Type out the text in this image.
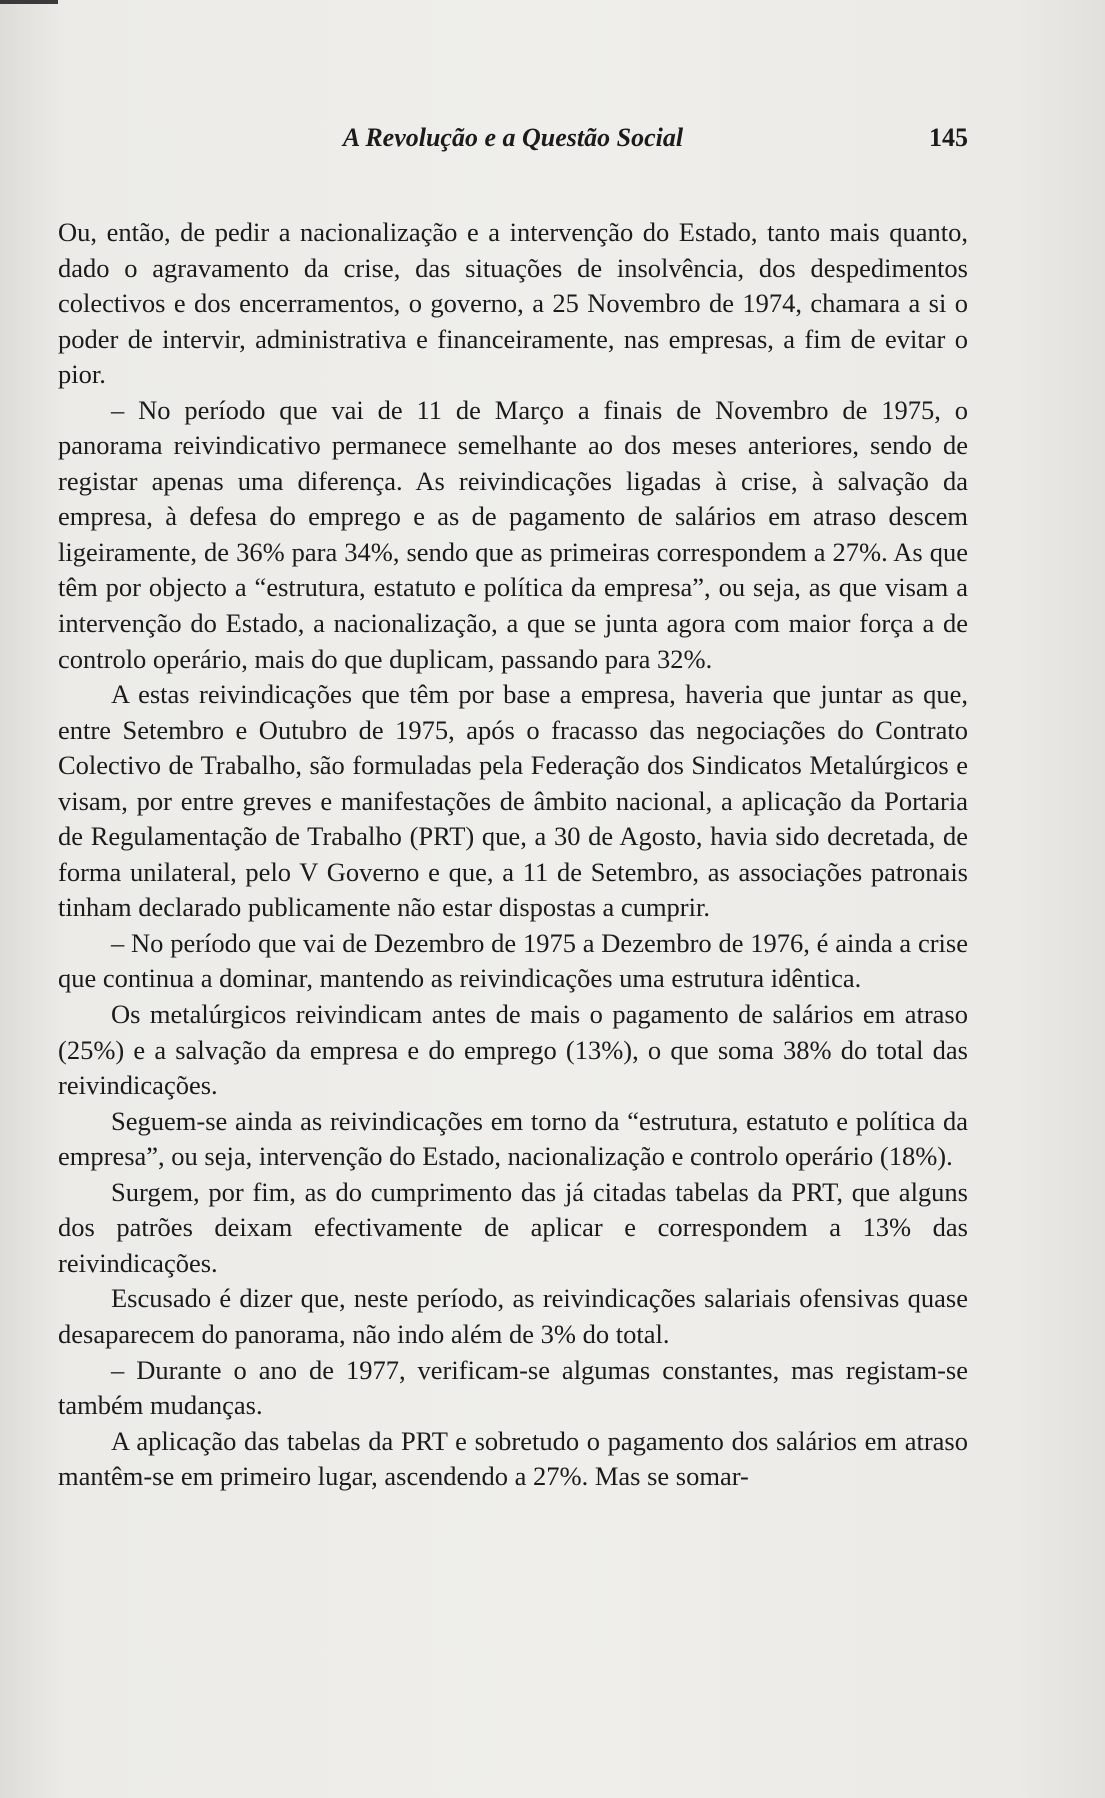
A Revolução e a Questão Social	145

Ou, então, de pedir a nacionalização e a intervenção do Estado, tanto mais quanto, dado o agravamento da crise, das situações de insolvência, dos despedimentos colectivos e dos encerramentos, o governo, a 25 Novembro de 1974, chamara a si o poder de intervir, administrativa e financeiramente, nas empresas, a fim de evitar o pior.

– No período que vai de 11 de Março a finais de Novembro de 1975, o panorama reivindicativo permanece semelhante ao dos meses anteriores, sendo de registar apenas uma diferença. As reivindicações ligadas à crise, à salvação da empresa, à defesa do emprego e as de pagamento de salários em atraso descem ligeiramente, de 36% para 34%, sendo que as primeiras correspondem a 27%. As que têm por objecto a “estrutura, estatuto e política da empresa”, ou seja, as que visam a intervenção do Estado, a nacionalização, a que se junta agora com maior força a de controlo operário, mais do que duplicam, passando para 32%.

A estas reivindicações que têm por base a empresa, haveria que juntar as que, entre Setembro e Outubro de 1975, após o fracasso das negociações do Contrato Colectivo de Trabalho, são formuladas pela Federação dos Sindicatos Metalúrgicos e visam, por entre greves e manifestações de âmbito nacional, a aplicação da Portaria de Regulamentação de Trabalho (PRT) que, a 30 de Agosto, havia sido decretada, de forma unilateral, pelo V Governo e que, a 11 de Setembro, as associações patronais tinham declarado publicamente não estar dispostas a cumprir.

– No período que vai de Dezembro de 1975 a Dezembro de 1976, é ainda a crise que continua a dominar, mantendo as reivindicações uma estrutura idêntica.

Os metalúrgicos reivindicam antes de mais o pagamento de salários em atraso (25%) e a salvação da empresa e do emprego (13%), o que soma 38% do total das reivindicações.

Seguem-se ainda as reivindicações em torno da “estrutura, estatuto e política da empresa”, ou seja, intervenção do Estado, nacionalização e controlo operário (18%).

Surgem, por fim, as do cumprimento das já citadas tabelas da PRT, que alguns dos patrões deixam efectivamente de aplicar e correspondem a 13% das reivindicações.

Escusado é dizer que, neste período, as reivindicações salariais ofensivas quase desaparecem do panorama, não indo além de 3% do total.

– Durante o ano de 1977, verificam-se algumas constantes, mas registam-se também mudanças.

A aplicação das tabelas da PRT e sobretudo o pagamento dos salários em atraso mantêm-se em primeiro lugar, ascendendo a 27%. Mas se somar-
